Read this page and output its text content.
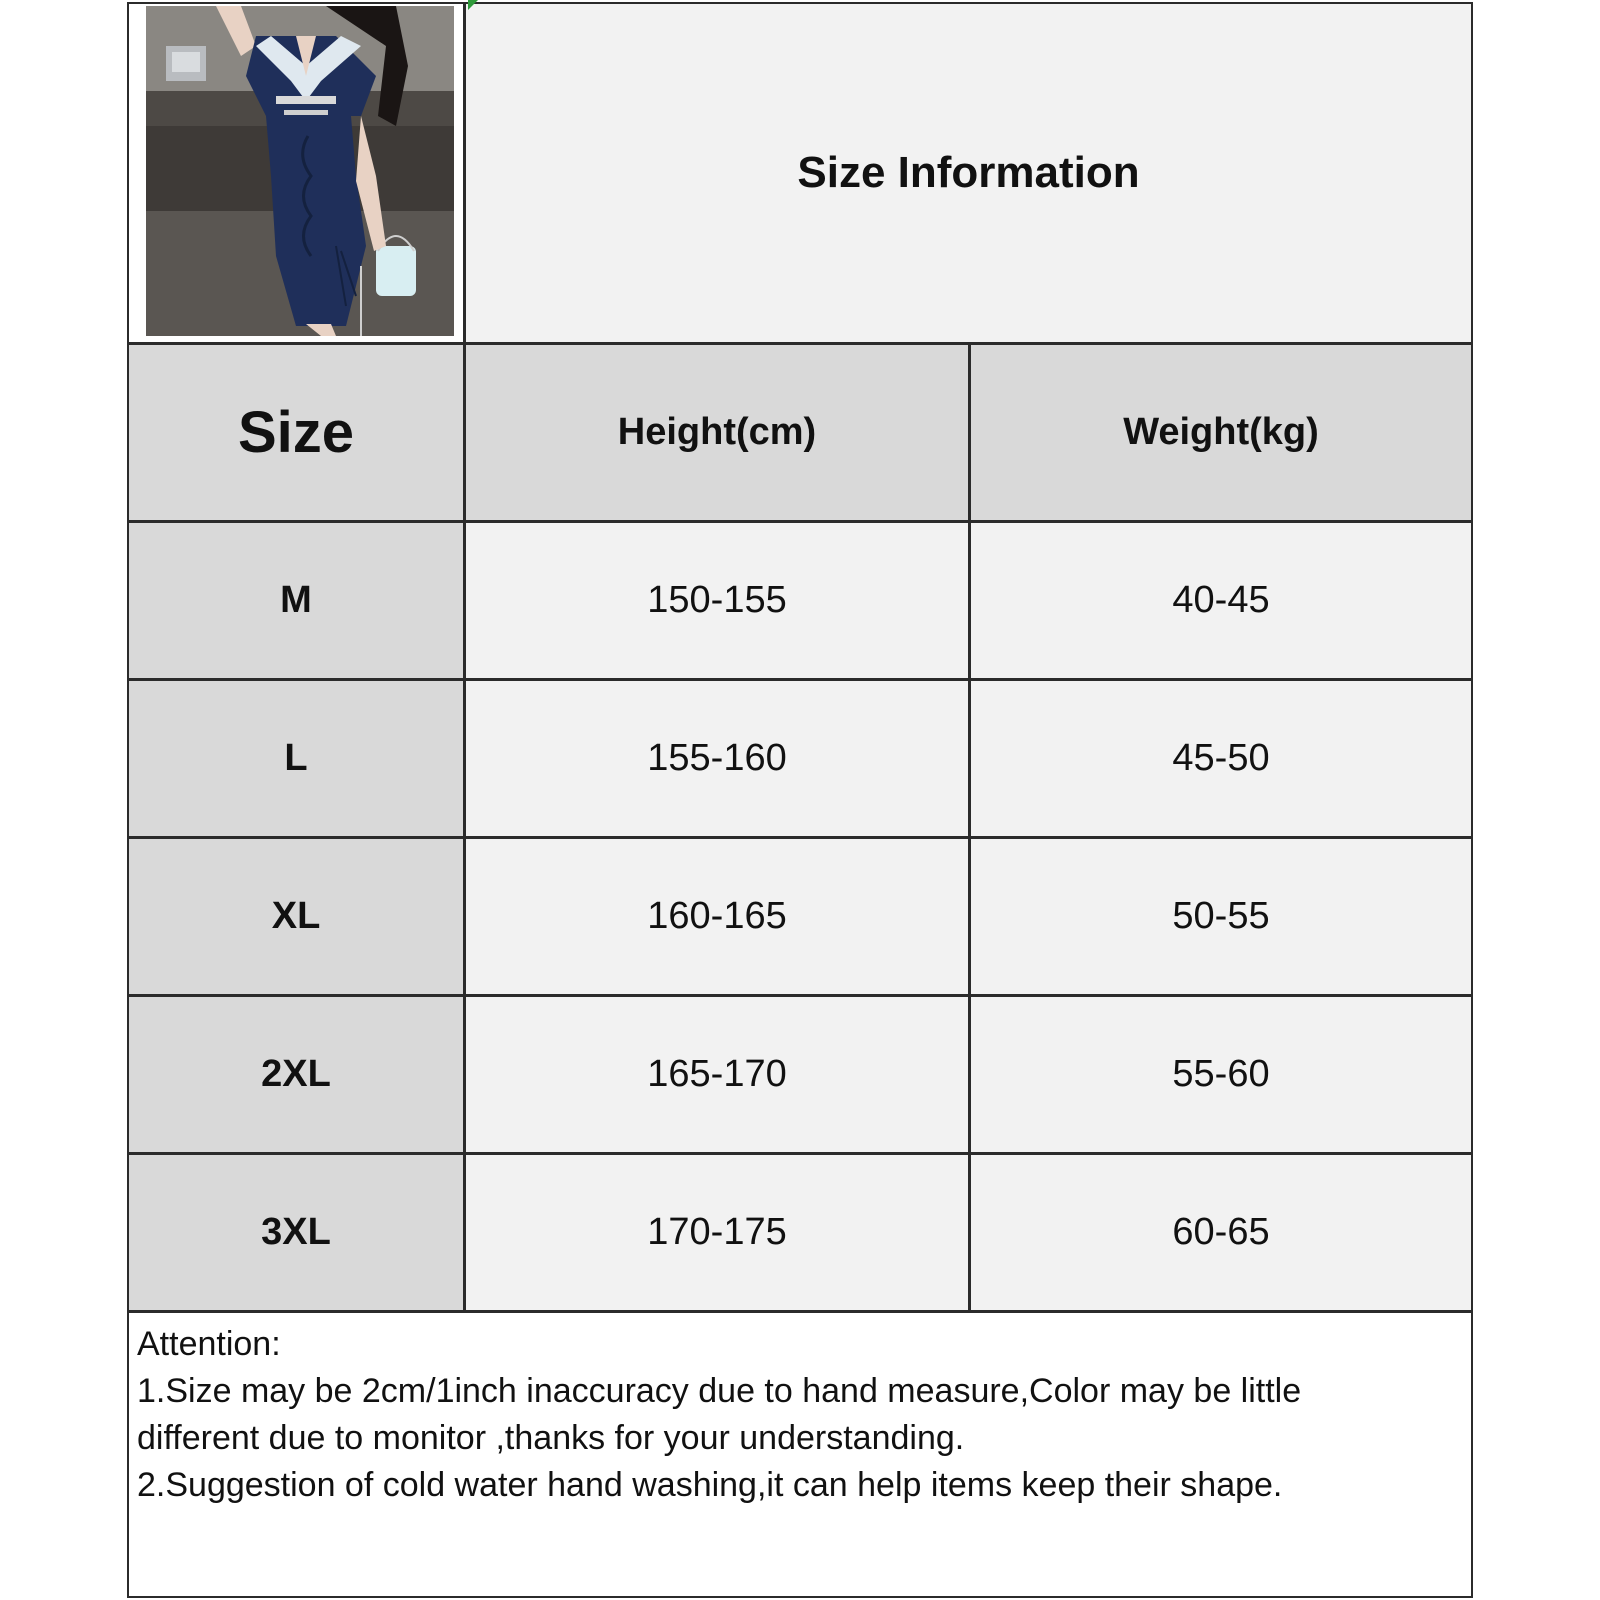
Size Information
Size	Height(cm)	Weight(kg)
M	150-155	40-45
L	155-160	45-50
XL	160-165	50-55
2XL	165-170	55-60
3XL	170-175	60-65
Attention:
1.Size may be 2cm/1inch inaccuracy due to hand measure,Color may be little
different due to monitor ,thanks for your understanding.
2.Suggestion of cold water hand washing,it can help items keep their shape.
